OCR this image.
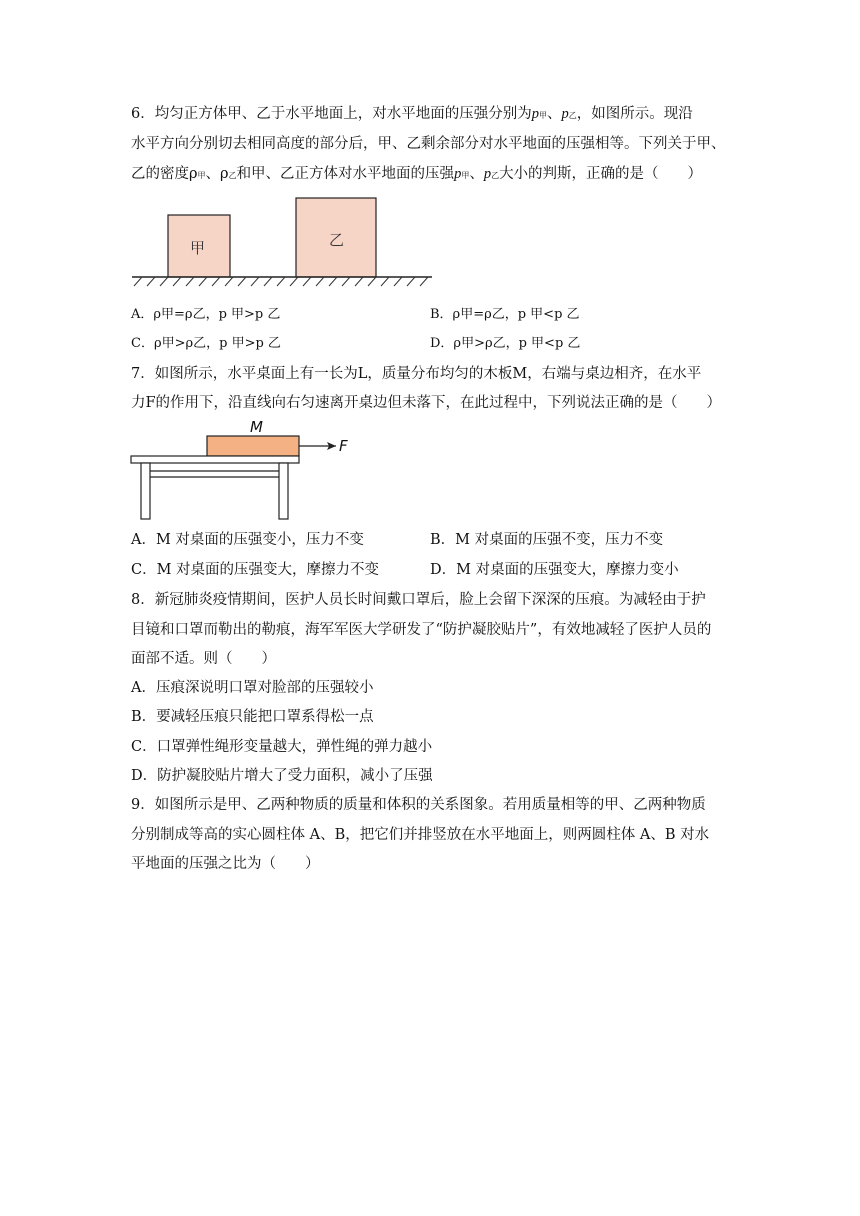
6．均匀正方体甲、乙于水平地面上，对水平地面的压强分别为p甲、p乙，如图所示。现沿
水平方向分别切去相同高度的部分后，甲、乙剩余部分对水平地面的压强相等。下列关于甲、
乙的密度ρ甲、ρ乙和甲、乙正方体对水平地面的压强p甲、p乙大小的判斯，正确的是（　　）
甲	乙
A．ρ甲=ρ乙，p 甲>p 乙	B．ρ甲=ρ乙，p 甲<p 乙
C．ρ甲>ρ乙，p 甲>p 乙	D．ρ甲>ρ乙，p 甲<p 乙
7．如图所示，水平桌面上有一长为L，质量分布均匀的木板M，右端与桌边相齐，在水平
力F的作用下，沿直线向右匀速离开桌边但未落下，在此过程中，下列说法正确的是（　　）
M
F
A．M 对桌面的压强变小，压力不变	B．M 对桌面的压强不变，压力不变
C．M 对桌面的压强变大，摩擦力不变	D．M 对桌面的压强变大，摩擦力变小
8．新冠肺炎疫情期间，医护人员长时间戴口罩后，脸上会留下深深的压痕。为减轻由于护
目镜和口罩而勒出的勒痕，海军军医大学研发了“防护凝胶贴片”，有效地减轻了医护人员的
面部不适。则（　　）
A．压痕深说明口罩对脸部的压强较小
B．要减轻压痕只能把口罩系得松一点
C．口罩弹性绳形变量越大，弹性绳的弹力越小
D．防护凝胶贴片增大了受力面积，减小了压强
9．如图所示是甲、乙两种物质的质量和体积的关系图象。若用质量相等的甲、乙两种物质
分别制成等高的实心圆柱体 A、B，把它们并排竖放在水平地面上，则两圆柱体 A、B 对水
平地面的压强之比为（　　）
